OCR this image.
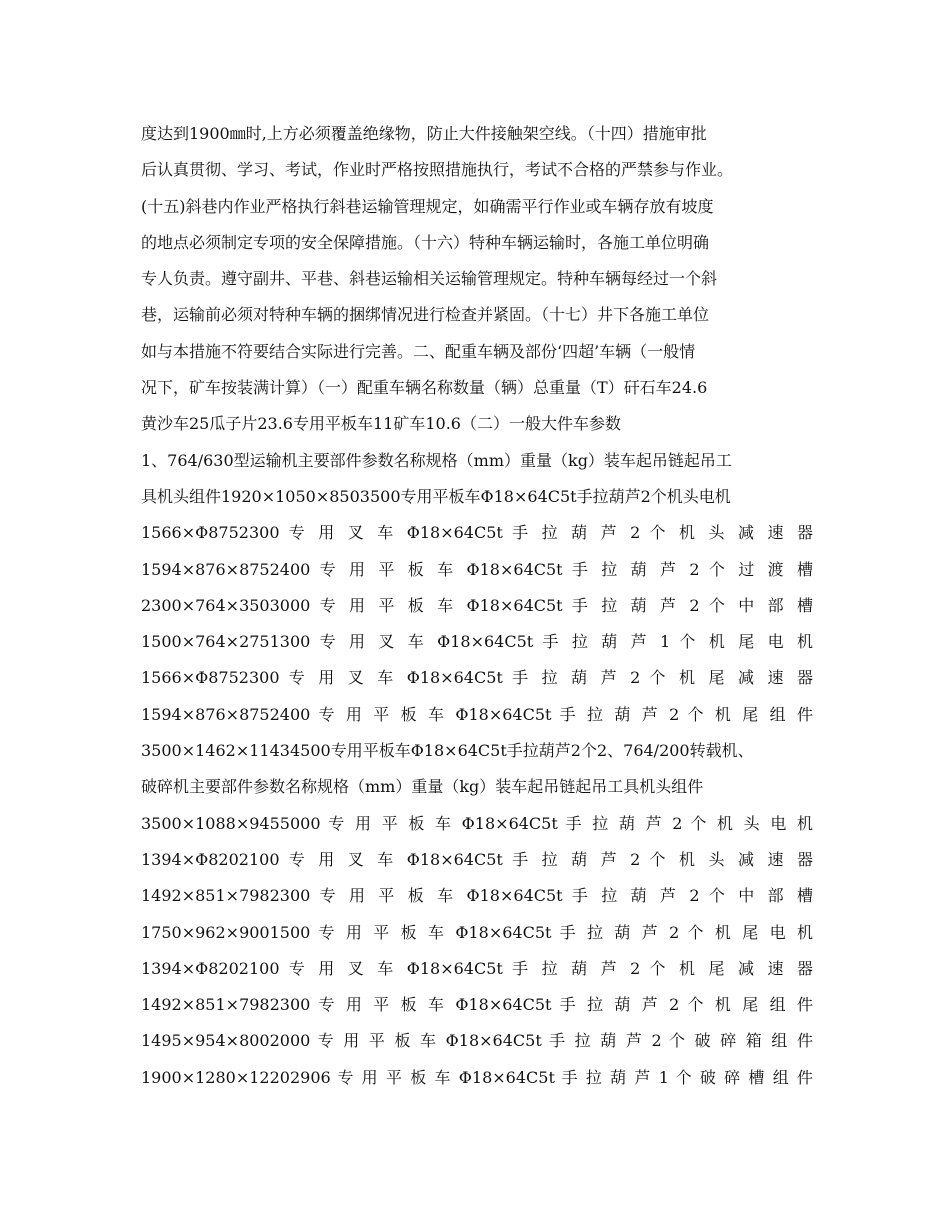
度达到1900㎜时,上方必须覆盖绝缘物，防止大件接触架空线。（十四）措施审批
后认真贯彻、学习、考试，作业时严格按照措施执行，考试不合格的严禁参与作业。
(十五)斜巷内作业严格执行斜巷运输管理规定，如确需平行作业或车辆存放有坡度
的地点必须制定专项的安全保障措施。（十六）特种车辆运输时，各施工单位明确
专人负责。遵守副井、平巷、斜巷运输相关运输管理规定。特种车辆每经过一个斜
巷，运输前必须对特种车辆的捆绑情况进行检查并紧固。（十七）井下各施工单位
如与本措施不符要结合实际进行完善。二、配重车辆及部份‘四超’车辆（一般情
况下，矿车按装满计算）（一）配重车辆名称数量（辆）总重量（T）矸石车24.6
黄沙车25瓜子片23.6专用平板车11矿车10.6（二）一般大件车参数
1、764/630型运输机主要部件参数名称规格（mm）重量（kg）装车起吊链起吊工
具机头组件1920×1050×8503500专用平板车Φ18×64C5t手拉葫芦2个机头电机
1566×Φ8752300 专 用 叉 车 Φ18×64C5t 手 拉 葫 芦 2 个 机 头 减 速 器
1594×876×8752400 专 用 平 板 车 Φ18×64C5t 手 拉 葫 芦 2 个 过 渡 槽
2300×764×3503000 专 用 平 板 车 Φ18×64C5t 手 拉 葫 芦 2 个 中 部 槽
1500×764×2751300 专 用 叉 车 Φ18×64C5t 手 拉 葫 芦 1 个 机 尾 电 机
1566×Φ8752300 专 用 叉 车 Φ18×64C5t 手 拉 葫 芦 2 个 机 尾 减 速 器
1594×876×8752400 专 用 平 板 车 Φ18×64C5t 手 拉 葫 芦 2 个 机 尾 组 件
3500×1462×11434500专用平板车Φ18×64C5t手拉葫芦2个2、764/200转载机、
破碎机主要部件参数名称规格（mm）重量（kg）装车起吊链起吊工具机头组件
3500×1088×9455000 专 用 平 板 车 Φ18×64C5t 手 拉 葫 芦 2 个 机 头 电 机
1394×Φ8202100 专 用 叉 车 Φ18×64C5t 手 拉 葫 芦 2 个 机 头 减 速 器
1492×851×7982300 专 用 平 板 车 Φ18×64C5t 手 拉 葫 芦 2 个 中 部 槽
1750×962×9001500 专 用 平 板 车 Φ18×64C5t 手 拉 葫 芦 2 个 机 尾 电 机
1394×Φ8202100 专 用 叉 车 Φ18×64C5t 手 拉 葫 芦 2 个 机 尾 减 速 器
1492×851×7982300 专 用 平 板 车 Φ18×64C5t 手 拉 葫 芦 2 个 机 尾 组 件
1495×954×8002000 专 用 平 板 车 Φ18×64C5t 手 拉 葫 芦 2 个 破 碎 箱 组 件
1900×1280×12202906 专 用 平 板 车 Φ18×64C5t 手 拉 葫 芦 1 个 破 碎 槽 组 件
